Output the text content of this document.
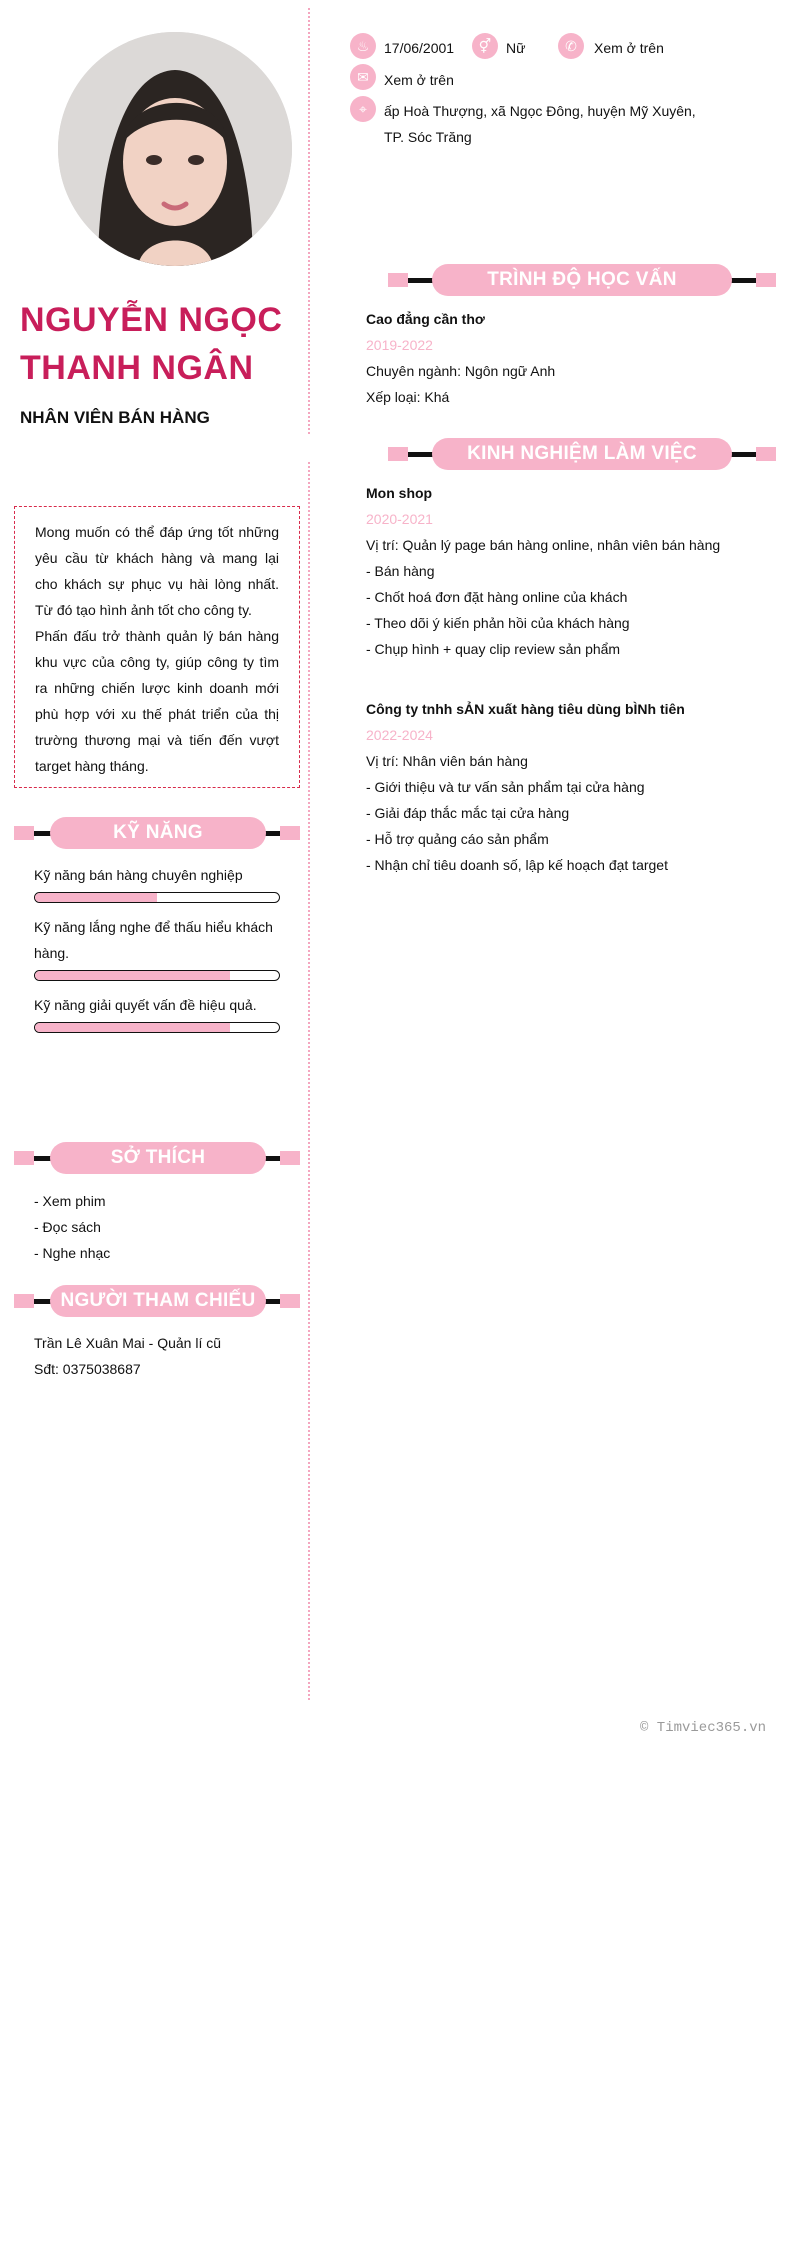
NGUYỄN NGỌC
THANH NGÂN
NHÂN VIÊN BÁN HÀNG
♨	17/06/2001	⚥	Nữ	✆	Xem ở trên
✉	Xem ở trên
⌖	ấp Hoà Thượng, xã Ngọc Đông, huyện Mỹ Xuyên,
TP. Sóc Trăng
Mong muốn có thể đáp ứng tốt những yêu cầu từ khách hàng và mang lại cho khách sự phục vụ hài lòng nhất. Từ đó tạo hình ảnh tốt cho công ty.
Phấn đấu trở thành quản lý bán hàng khu vực của công ty, giúp công ty tìm ra những chiến lược kinh doanh mới phù hợp với xu thế phát triển của thị trường thương mại và tiến đến vượt target hàng tháng.
KỸ NĂNG
Kỹ năng bán hàng chuyên nghiệp
Kỹ năng lắng nghe để thấu hiểu khách hàng.
Kỹ năng giải quyết vấn đề hiệu quả.
SỞ THÍCH
- Xem phim
- Đọc sách
- Nghe nhạc
NGƯỜI THAM CHIẾU
Trần Lê Xuân Mai - Quản lí cũ
Sđt: 0375038687
TRÌNH ĐỘ HỌC VẤN
Cao đẳng cần thơ
2019-2022
Chuyên ngành: Ngôn ngữ Anh
Xếp loại: Khá
KINH NGHIỆM LÀM VIỆC
Mon shop
2020-2021
Vị trí: Quản lý page bán hàng online, nhân viên bán hàng
- Bán hàng
- Chốt hoá đơn đặt hàng online của khách
- Theo dõi ý kiến phản hồi của khách hàng
- Chụp hình + quay clip review sản phẩm
Công ty tnhh sẢN xuất hàng tiêu dùng bÌNh tiên
2022-2024
Vị trí: Nhân viên bán hàng
- Giới thiệu và tư vấn sản phẩm tại cửa hàng
- Giải đáp thắc mắc tại cửa hàng
- Hỗ trợ quảng cáo sản phẩm
- Nhận chỉ tiêu doanh số, lập kế hoạch đạt target
© Timviec365.vn
